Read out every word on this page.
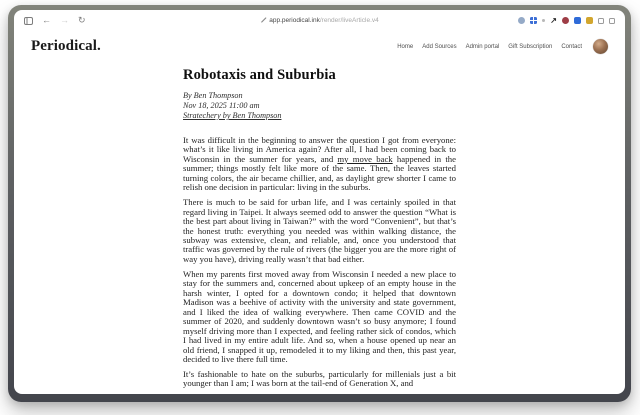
← → ↻	app.periodical.ink/render/liveArticle.v4	↗
Periodical.	Home Add Sources Admin portal Gift Subscription Contact
Robotaxis and Suburbia
By Ben Thompson
Nov 18, 2025 11:00 am
Stratechery by Ben Thompson

It was difficult in the beginning to answer the question I got from everyone: what’s it like living in America again? After all, I had been coming back to Wisconsin in the summer for years, and my move back happened in the summer; things mostly felt like more of the same. Then, the leaves started turning colors, the air became chillier, and, as daylight grew shorter I came to relish one decision in particular: living in the suburbs.

There is much to be said for urban life, and I was certainly spoiled in that regard living in Taipei. It always seemed odd to answer the question “What is the best part about living in Taiwan?” with the word “Convenient”, but that’s the honest truth: everything you needed was within walking distance, the subway was extensive, clean, and reliable, and, once you understood that traffic was governed by the rule of rivers (the bigger you are the more right of way you have), driving really wasn’t that bad either.

When my parents first moved away from Wisconsin I needed a new place to stay for the summers and, concerned about upkeep of an empty house in the harsh winter, I opted for a downtown condo; it helped that downtown Madison was a beehive of activity with the university and state government, and I liked the idea of walking everywhere. Then came COVID and the summer of 2020, and suddenly downtown wasn’t so busy anymore; I found myself driving more than I expected, and feeling rather sick of condos, which I had lived in my entire adult life. And so, when a house opened up near an old friend, I snapped it up, remodeled it to my liking and then, this past year, decided to live there full time.

It’s fashionable to hate on the suburbs, particularly for millenials just a bit younger than I am; I was born at the tail-end of Generation X, and
